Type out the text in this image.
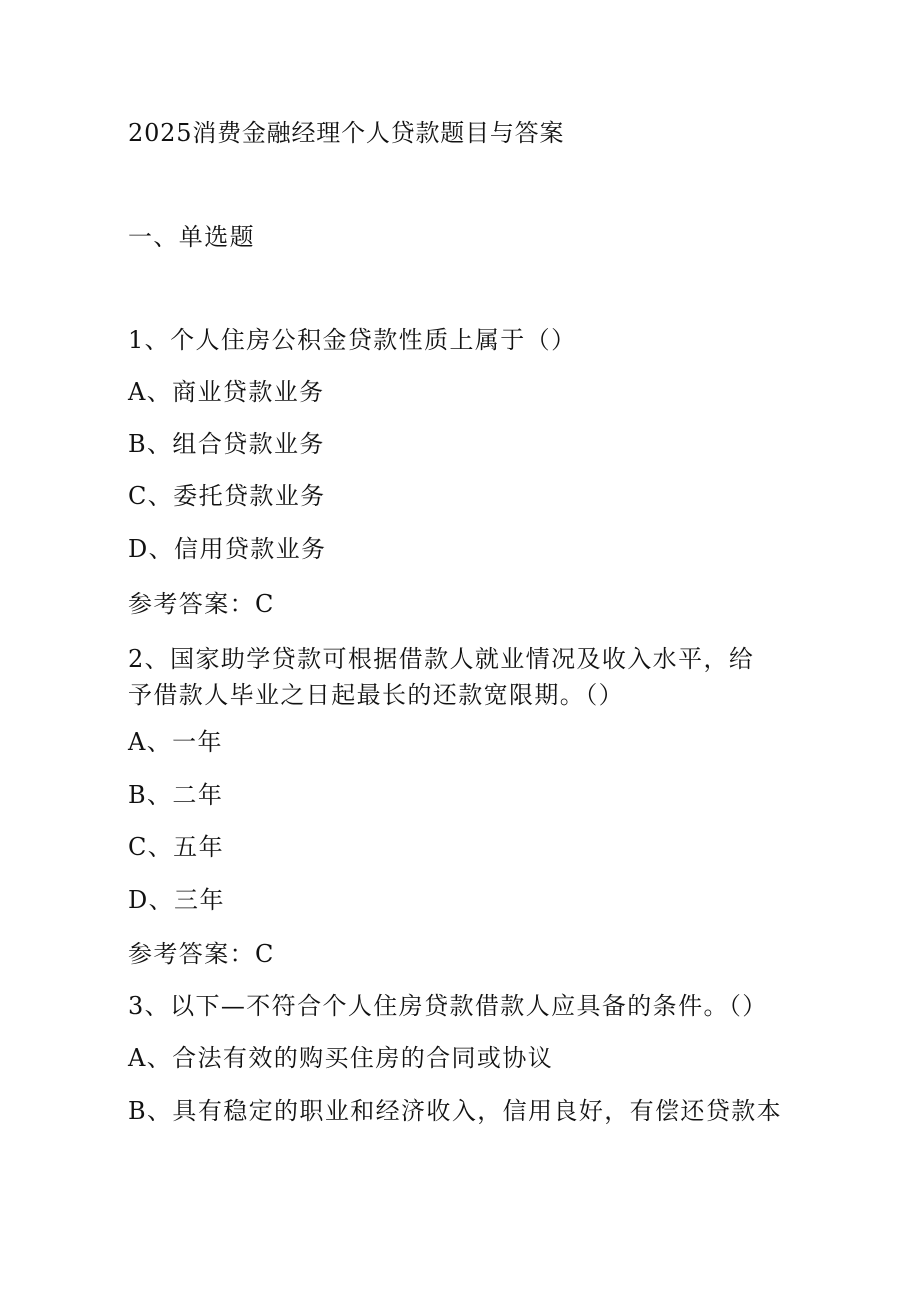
2025消费金融经理个人贷款题目与答案
一、单选题
1、个人住房公积金贷款性质上属于（）
A、商业贷款业务
B、组合贷款业务
C、委托贷款业务
D、信用贷款业务
参考答案：C
2、国家助学贷款可根据借款人就业情况及收入水平，给予借款人毕业之日起最长的还款宽限期。（）
A、一年
B、二年
C、五年
D、三年
参考答案：C
3、以下—不符合个人住房贷款借款人应具备的条件。（）
A、合法有效的购买住房的合同或协议
B、具有稳定的职业和经济收入，信用良好，有偿还贷款本
